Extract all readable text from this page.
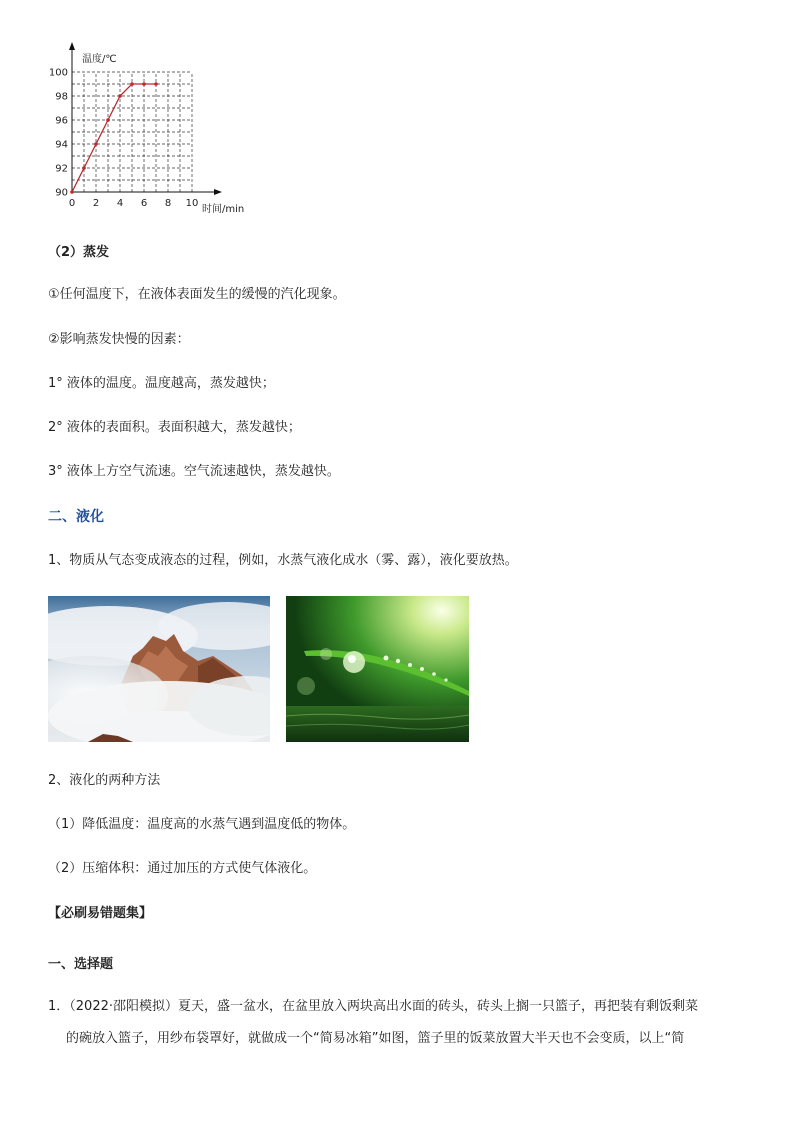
0 2 4 6 8 10
90
92
94
96
98
100
温度/℃
时间/min
（2）蒸发
①任何温度下，在液体表面发生的缓慢的汽化现象。
②影响蒸发快慢的因素：
1° 液体的温度。温度越高，蒸发越快；
2° 液体的表面积。表面积越大，蒸发越快；
3° 液体上方空气流速。空气流速越快，蒸发越快。
二、液化
1、物质从气态变成液态的过程，例如，水蒸气液化成水（雾、露），液化要放热。
2、液化的两种方法
（1）降低温度：温度高的水蒸气遇到温度低的物体。
（2）压缩体积：通过加压的方式使气体液化。
【必刷易错题集】
一、选择题
1．（2022·邵阳模拟）夏天，盛一盆水，在盆里放入两块高出水面的砖头，砖头上搁一只篮子，再把装有剩饭剩菜
的碗放入篮子，用纱布袋罩好，就做成一个“简易冰箱”如图，篮子里的饭菜放置大半天也不会变质，以上“简
